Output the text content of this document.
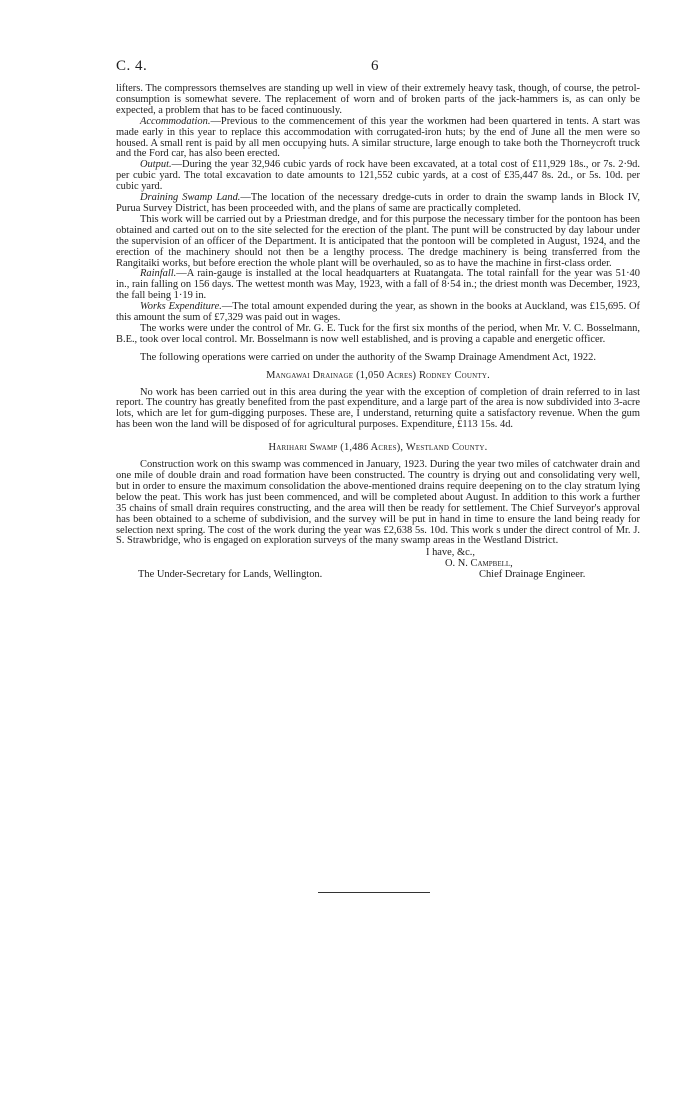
C. 4.	6

lifters. The compressors themselves are standing up well in view of their extremely heavy task, though, of course, the petrol-consumption is somewhat severe. The replacement of worn and of broken parts of the jack-hammers is, as can only be expected, a problem that has to be faced continuously.

Accommodation.—Previous to the commencement of this year the workmen had been quartered in tents. A start was made early in this year to replace this accommodation with corrugated-iron huts; by the end of June all the men were so housed. A small rent is paid by all men occupying huts. A similar structure, large enough to take both the Thorneycroft truck and the Ford car, has also been erected.

Output.—During the year 32,946 cubic yards of rock have been excavated, at a total cost of £11,929 18s., or 7s. 2·9d. per cubic yard. The total excavation to date amounts to 121,552 cubic yards, at a cost of £35,447 8s. 2d., or 5s. 10d. per cubic yard.

Draining Swamp Land.—The location of the necessary dredge-cuts in order to drain the swamp lands in Block IV, Purua Survey District, has been proceeded with, and the plans of same are practically completed.

This work will be carried out by a Priestman dredge, and for this purpose the necessary timber for the pontoon has been obtained and carted out on to the site selected for the erection of the plant. The punt will be constructed by day labour under the supervision of an officer of the Department. It is anticipated that the pontoon will be completed in August, 1924, and the erection of the machinery should not then be a lengthy process. The dredge machinery is being transferred from the Rangitaiki works, but before erection the whole plant will be overhauled, so as to have the machine in first-class order.

Rainfall.—A rain-gauge is installed at the local headquarters at Ruatangata. The total rainfall for the year was 51·40 in., rain falling on 156 days. The wettest month was May, 1923, with a fall of 8·54 in.; the driest month was December, 1923, the fall being 1·19 in.

Works Expenditure.—The total amount expended during the year, as shown in the books at Auckland, was £15,695. Of this amount the sum of £7,329 was paid out in wages.

The works were under the control of Mr. G. E. Tuck for the first six months of the period, when Mr. V. C. Bosselmann, B.E., took over local control. Mr. Bosselmann is now well established, and is proving a capable and energetic officer.

The following operations were carried on under the authority of the Swamp Drainage Amendment Act, 1922.

Mangawai Drainage (1,050 Acres) Rodney County.

No work has been carried out in this area during the year with the exception of completion of drain referred to in last report. The country has greatly benefited from the past expenditure, and a large part of the area is now subdivided into 3-acre lots, which are let for gum-digging purposes. These are, I understand, returning quite a satisfactory revenue. When the gum has been won the land will be disposed of for agricultural purposes. Expenditure, £113 15s. 4d.

Harihari Swamp (1,486 Acres), Westland County.

Construction work on this swamp was commenced in January, 1923. During the year two miles of catchwater drain and one mile of double drain and road formation have been constructed. The country is drying out and consolidating very well, but in order to ensure the maximum consolidation the above-mentioned drains require deepening on to the clay stratum lying below the peat. This work has just been commenced, and will be completed about August. In addition to this work a further 35 chains of small drain requires constructing, and the area will then be ready for settlement. The Chief Surveyor's approval has been obtained to a scheme of subdivision, and the survey will be put in hand in time to ensure the land being ready for selection next spring. The cost of the work during the year was £2,638 5s. 10d. This work s under the direct control of Mr. J. S. Strawbridge, who is engaged on exploration surveys of the many swamp areas in the Westland District.

I have, &c.,
O. N. Campbell,
The Under-Secretary for Lands, Wellington.	Chief Drainage Engineer.
